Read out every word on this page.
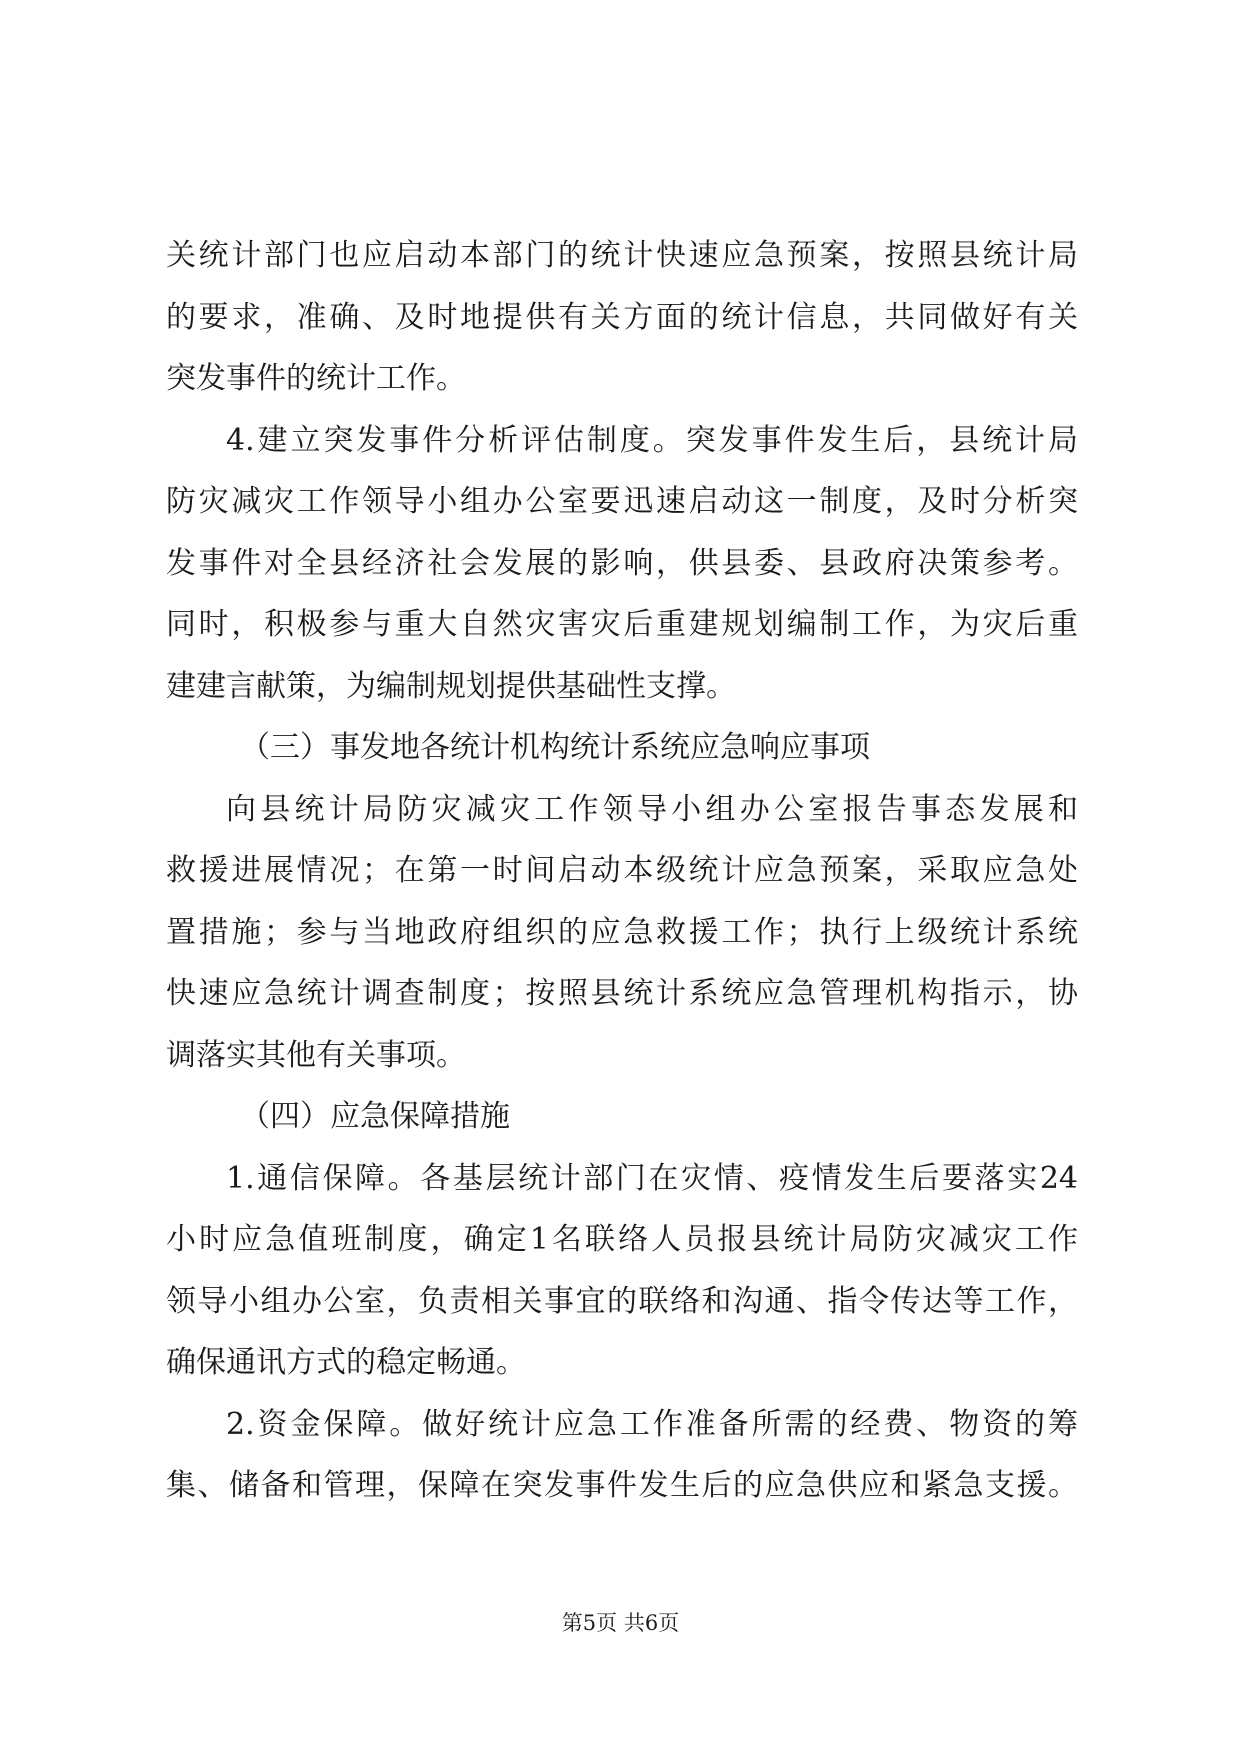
关统计部门也应启动本部门的统计快速应急预案，按照县统计局
的要求，准确、及时地提供有关方面的统计信息，共同做好有关
突发事件的统计工作。
4.建立突发事件分析评估制度。突发事件发生后，县统计局
防灾减灾工作领导小组办公室要迅速启动这一制度，及时分析突
发事件对全县经济社会发展的影响，供县委、县政府决策参考。
同时，积极参与重大自然灾害灾后重建规划编制工作，为灾后重
建建言献策，为编制规划提供基础性支撑。
（三）事发地各统计机构统计系统应急响应事项
向县统计局防灾减灾工作领导小组办公室报告事态发展和
救援进展情况；在第一时间启动本级统计应急预案，采取应急处
置措施；参与当地政府组织的应急救援工作；执行上级统计系统
快速应急统计调查制度；按照县统计系统应急管理机构指示，协
调落实其他有关事项。
（四）应急保障措施
1.通信保障。各基层统计部门在灾情、疫情发生后要落实24
小时应急值班制度，确定1名联络人员报县统计局防灾减灾工作
领导小组办公室，负责相关事宜的联络和沟通、指令传达等工作，
确保通讯方式的稳定畅通。
2.资金保障。做好统计应急工作准备所需的经费、物资的筹
集、储备和管理，保障在突发事件发生后的应急供应和紧急支援。
第5页 共6页
